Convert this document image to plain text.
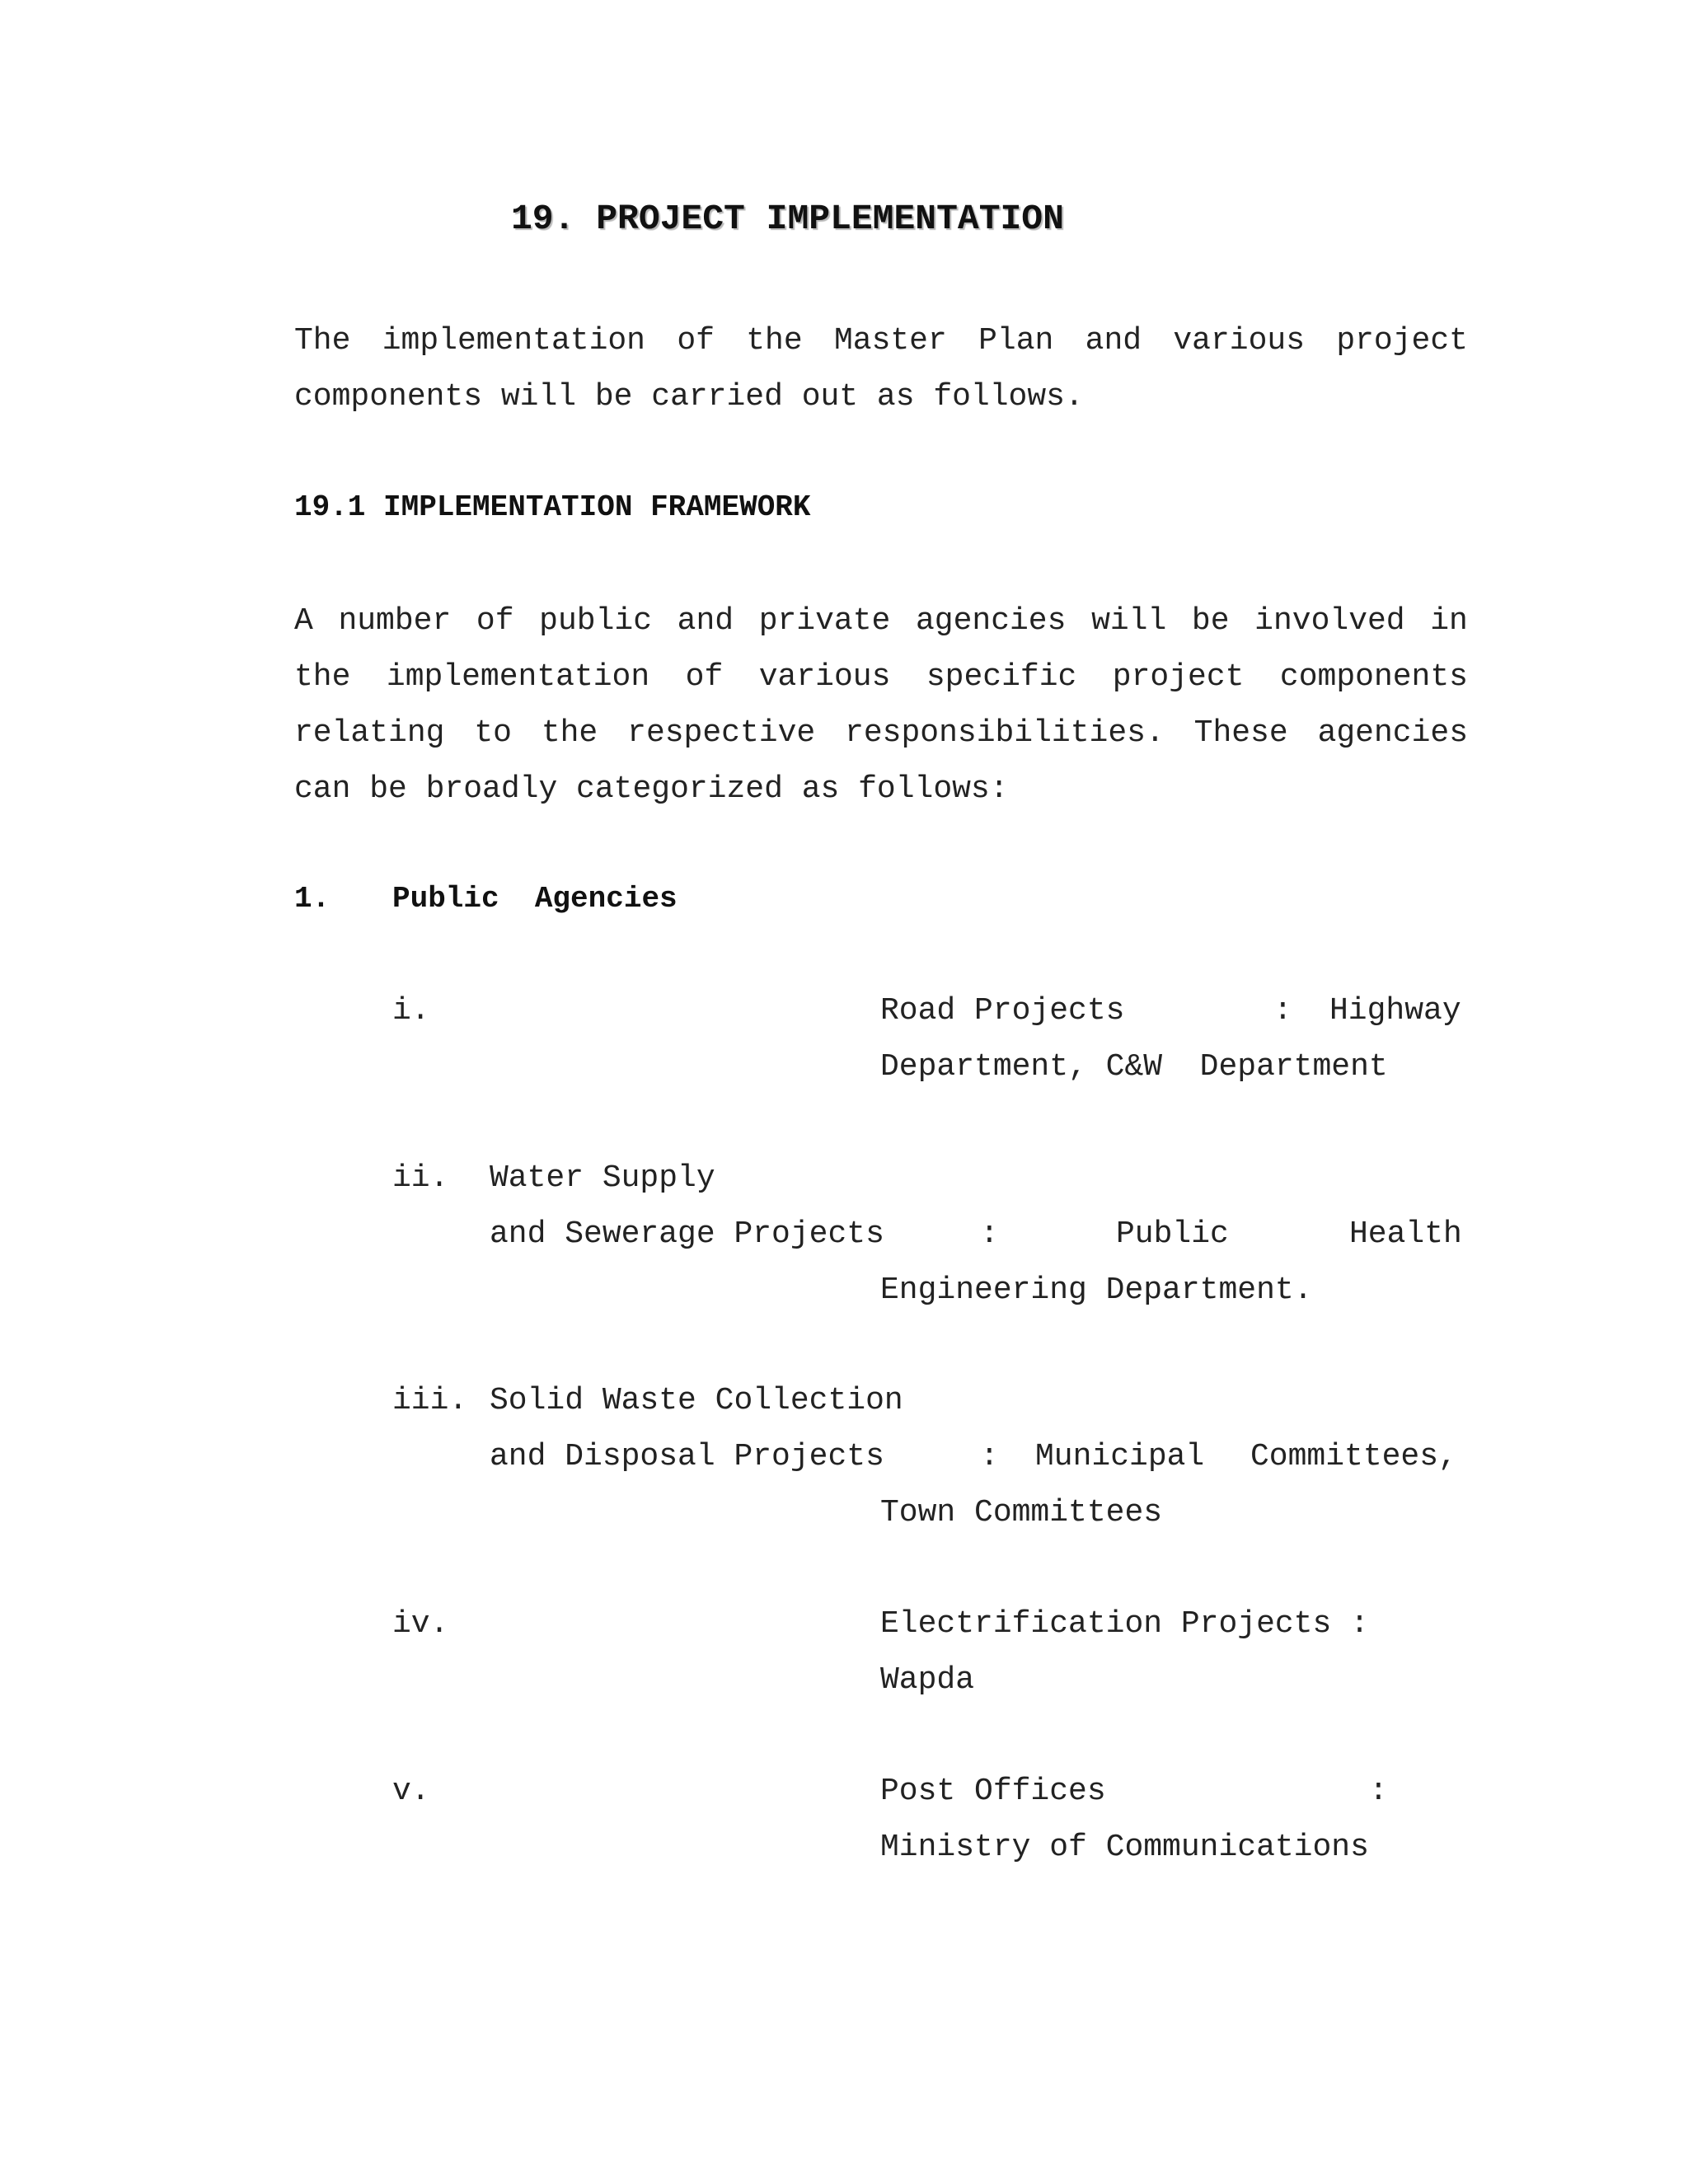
19. PROJECT IMPLEMENTATION
The implementation of the Master Plan and various project
components will be carried out as follows.
19.1 IMPLEMENTATION FRAMEWORK
A number of public and private agencies will be involved in
the implementation of various specific project components
relating to the respective responsibilities. These agencies
can be broadly categorized as follows:
1. Public  Agencies
i.	Road Projects	: Highway
Department, C&W  Department
ii. Water Supply
and Sewerage Projects	:	Public	Health
Engineering Department.
iii. Solid Waste Collection
and Disposal Projects	: Municipal Committees,
Town Committees
iv.	Electrification Projects :
Wapda
v.	Post Offices	:
Ministry of Communications
